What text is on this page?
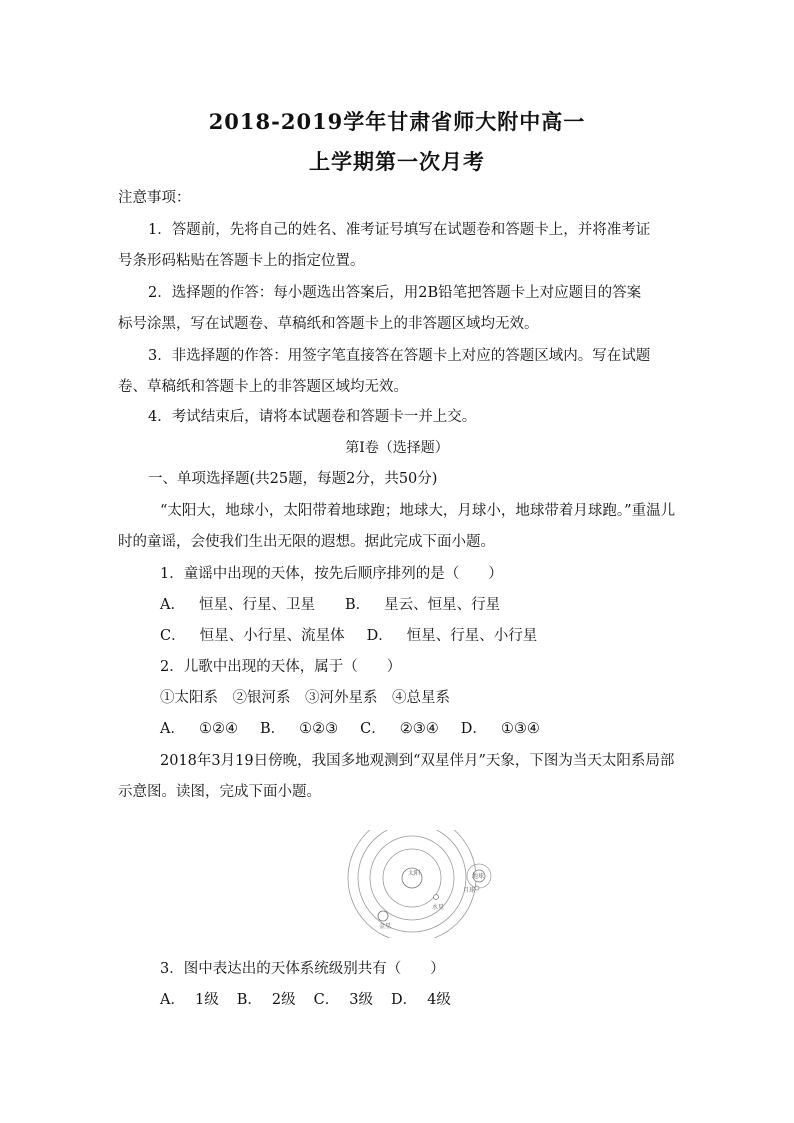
2018-2019学年甘肃省师大附中高一
上学期第一次月考
注意事项：
1．答题前，先将自己的姓名、准考证号填写在试题卷和答题卡上，并将准考证
号条形码粘贴在答题卡上的指定位置。
2．选择题的作答：每小题选出答案后，用2B铅笔把答题卡上对应题目的答案
标号涂黑，写在试题卷、草稿纸和答题卡上的非答题区域均无效。
3．非选择题的作答：用签字笔直接答在答题卡上对应的答题区域内。写在试题
卷、草稿纸和答题卡上的非答题区域均无效。
4．考试结束后，请将本试题卷和答题卡一并上交。
第I卷（选择题）
一、单项选择题(共25题，每题2分，共50分)
“太阳大，地球小，太阳带着地球跑；地球大，月球小，地球带着月球跑。”重温儿
时的童谣，会使我们生出无限的遐想。据此完成下面小题。
1．童谣中出现的天体，按先后顺序排列的是（　　）
A． 恒星、行星、卫星 B． 星云、恒星、行星
C． 恒星、小行星、流星体 D． 恒星、行星、小行星
2．儿歌中出现的天体，属于（　　）
①太阳系　②银河系　③河外星系　④总星系
A． ①②④ B． ①②③ C． ②③④ D． ①③④
2018年3月19日傍晚，我国多地观测到“双星伴月”天象，下图为当天太阳系局部
示意图。读图，完成下面小题。
太阳	地球
月球
水星
金星
3．图中表达出的天体系统级别共有（　　）
A． 1级 B． 2级 C． 3级 D． 4级
